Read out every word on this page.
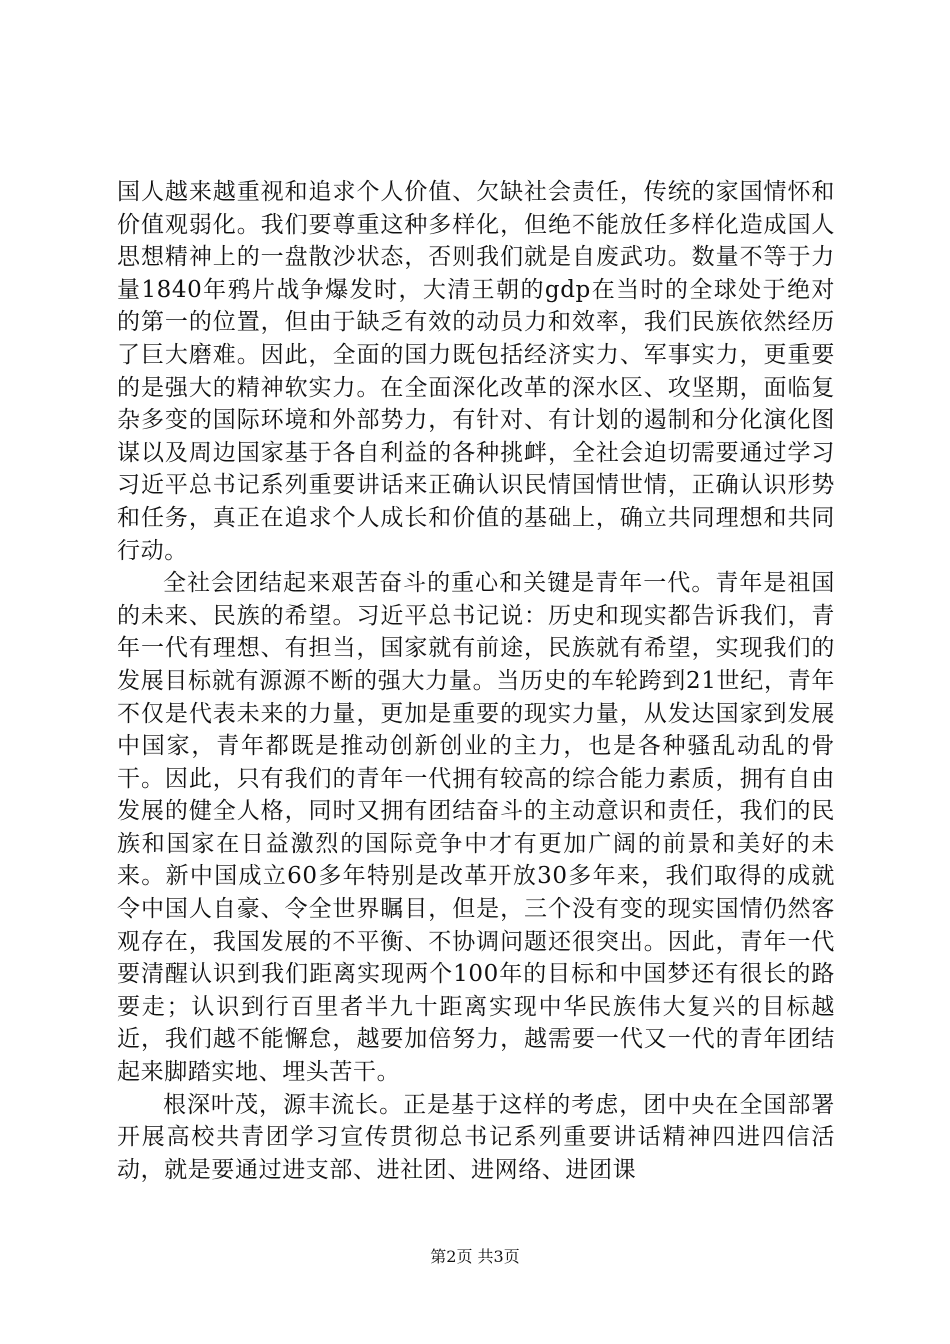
国人越来越重视和追求个人价值、欠缺社会责任，传统的家国情怀和价值观弱化。我们要尊重这种多样化，但绝不能放任多样化造成国人思想精神上的一盘散沙状态，否则我们就是自废武功。数量不等于力量1840年鸦片战争爆发时，大清王朝的gdp在当时的全球处于绝对的第一的位置，但由于缺乏有效的动员力和效率，我们民族依然经历了巨大磨难。因此，全面的国力既包括经济实力、军事实力，更重要的是强大的精神软实力。在全面深化改革的深水区、攻坚期，面临复杂多变的国际环境和外部势力，有针对、有计划的遏制和分化演化图谋以及周边国家基于各自利益的各种挑衅，全社会迫切需要通过学习习近平总书记系列重要讲话来正确认识民情国情世情，正确认识形势和任务，真正在追求个人成长和价值的基础上，确立共同理想和共同行动。

全社会团结起来艰苦奋斗的重心和关键是青年一代。青年是祖国的未来、民族的希望。习近平总书记说：历史和现实都告诉我们，青年一代有理想、有担当，国家就有前途，民族就有希望，实现我们的发展目标就有源源不断的强大力量。当历史的车轮跨到21世纪，青年不仅是代表未来的力量，更加是重要的现实力量，从发达国家到发展中国家，青年都既是推动创新创业的主力，也是各种骚乱动乱的骨干。因此，只有我们的青年一代拥有较高的综合能力素质，拥有自由发展的健全人格，同时又拥有团结奋斗的主动意识和责任，我们的民族和国家在日益激烈的国际竞争中才有更加广阔的前景和美好的未来。新中国成立60多年特别是改革开放30多年来，我们取得的成就令中国人自豪、令全世界瞩目，但是，三个没有变的现实国情仍然客观存在，我国发展的不平衡、不协调问题还很突出。因此，青年一代要清醒认识到我们距离实现两个100年的目标和中国梦还有很长的路要走；认识到行百里者半九十距离实现中华民族伟大复兴的目标越近，我们越不能懈怠，越要加倍努力，越需要一代又一代的青年团结起来脚踏实地、埋头苦干。

根深叶茂，源丰流长。正是基于这样的考虑，团中央在全国部署开展高校共青团学习宣传贯彻总书记系列重要讲话精神四进四信活动，就是要通过进支部、进社团、进网络、进团课

第2页 共3页
